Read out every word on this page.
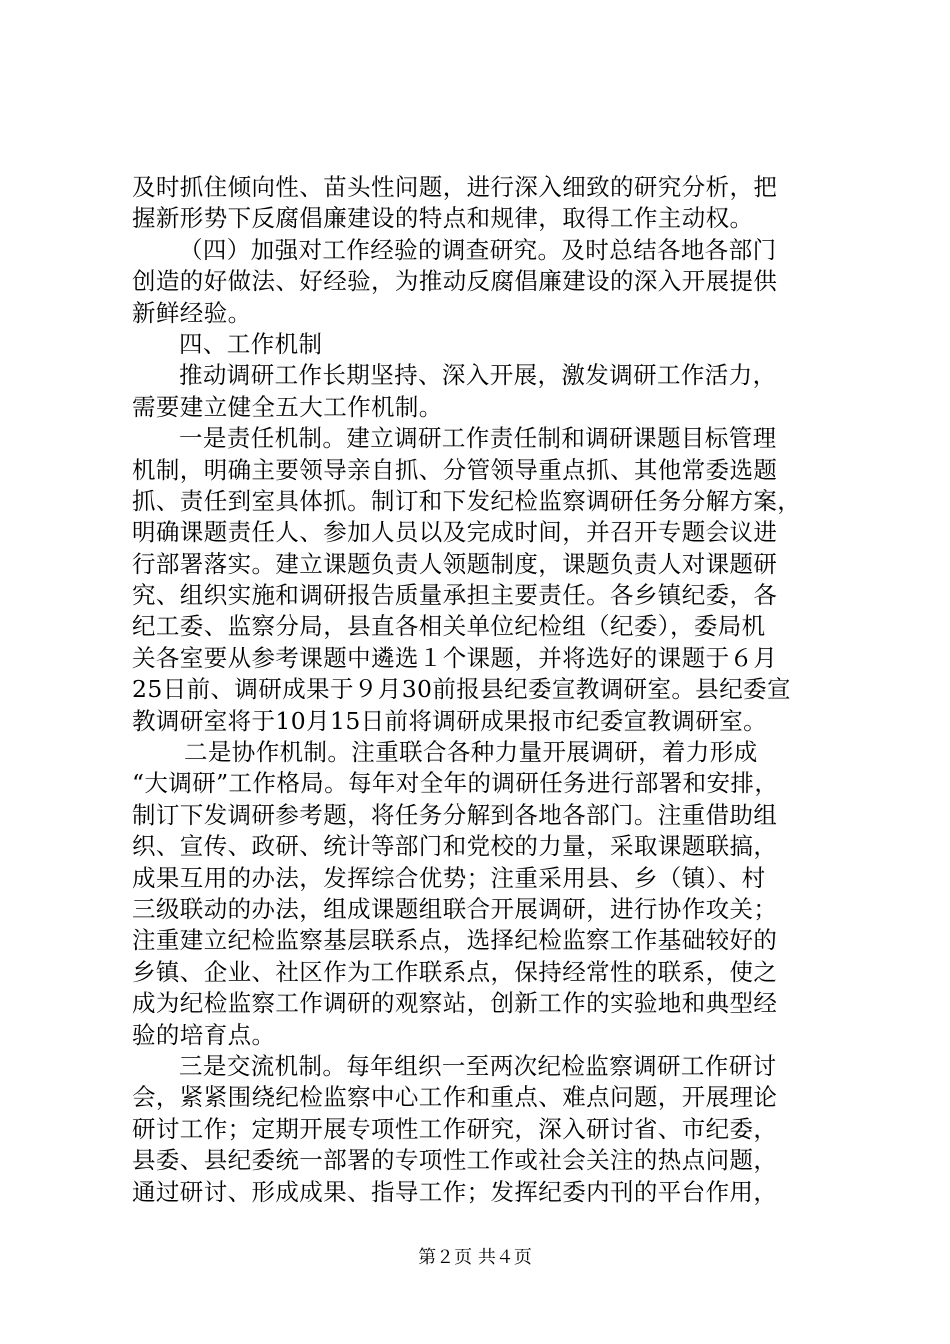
及时抓住倾向性、苗头性问题，进行深入细致的研究分析，把
握新形势下反腐倡廉建设的特点和规律，取得工作主动权。
（四）加强对工作经验的调查研究。及时总结各地各部门
创造的好做法、好经验，为推动反腐倡廉建设的深入开展提供
新鲜经验。
四、工作机制
推动调研工作长期坚持、深入开展，激发调研工作活力，
需要建立健全五大工作机制。
一是责任机制。建立调研工作责任制和调研课题目标管理
机制，明确主要领导亲自抓、分管领导重点抓、其他常委选题
抓、责任到室具体抓。制订和下发纪检监察调研任务分解方案，
明确课题责任人、参加人员以及完成时间，并召开专题会议进
行部署落实。建立课题负责人领题制度，课题负责人对课题研
究、组织实施和调研报告质量承担主要责任。各乡镇纪委，各
纪工委、监察分局，县直各相关单位纪检组（纪委），委局机
关各室要从参考课题中遴选１个课题，并将选好的课题于６月
25日前、调研成果于９月30前报县纪委宣教调研室。县纪委宣
教调研室将于10月15日前将调研成果报市纪委宣教调研室。
二是协作机制。注重联合各种力量开展调研，着力形成
“大调研”工作格局。每年对全年的调研任务进行部署和安排，
制订下发调研参考题，将任务分解到各地各部门。注重借助组
织、宣传、政研、统计等部门和党校的力量，采取课题联搞，
成果互用的办法，发挥综合优势；注重采用县、乡（镇）、村
三级联动的办法，组成课题组联合开展调研，进行协作攻关；
注重建立纪检监察基层联系点，选择纪检监察工作基础较好的
乡镇、企业、社区作为工作联系点，保持经常性的联系，使之
成为纪检监察工作调研的观察站，创新工作的实验地和典型经
验的培育点。
三是交流机制。每年组织一至两次纪检监察调研工作研讨
会，紧紧围绕纪检监察中心工作和重点、难点问题，开展理论
研讨工作；定期开展专项性工作研究，深入研讨省、市纪委，
县委、县纪委统一部署的专项性工作或社会关注的热点问题，
通过研讨、形成成果、指导工作；发挥纪委内刊的平台作用，
第２页 共４页
